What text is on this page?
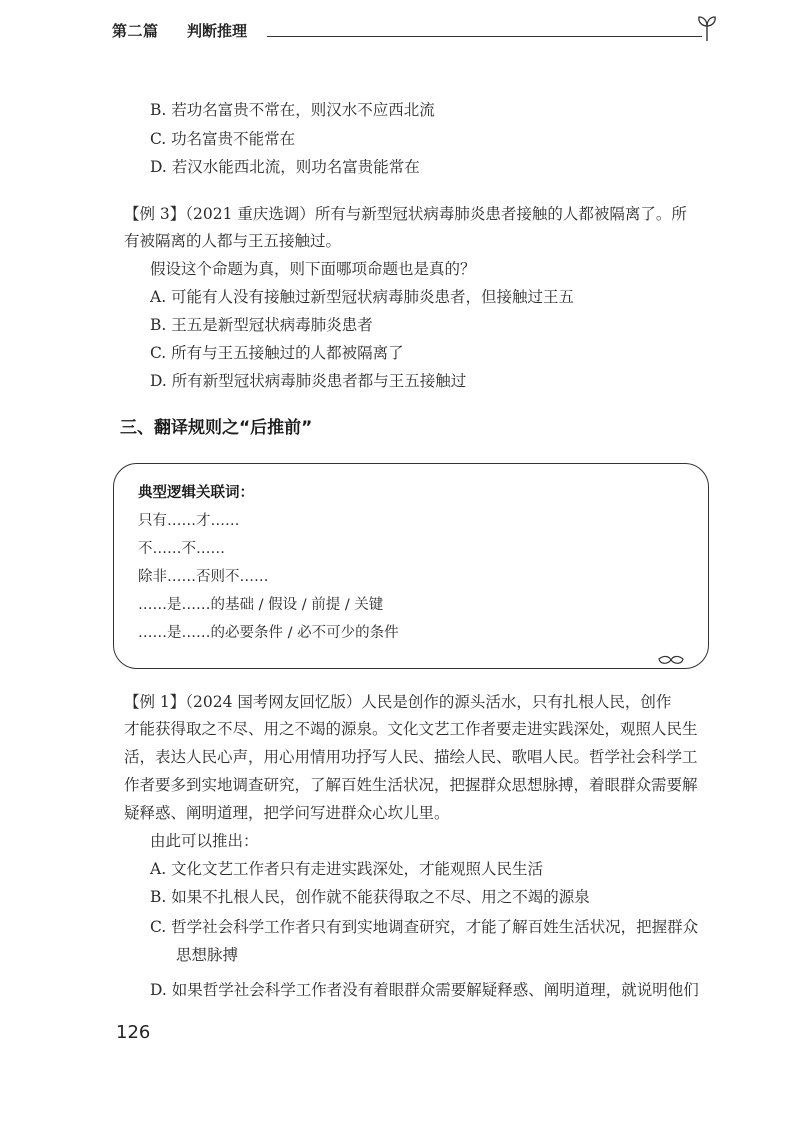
第二篇 判断推理
B. 若功名富贵不常在，则汉水不应西北流
C. 功名富贵不能常在
D. 若汉水能西北流，则功名富贵能常在
【例 3】（2021 重庆选调）所有与新型冠状病毒肺炎患者接触的人都被隔离了。所
有被隔离的人都与王五接触过。
假设这个命题为真，则下面哪项命题也是真的？
A. 可能有人没有接触过新型冠状病毒肺炎患者，但接触过王五
B. 王五是新型冠状病毒肺炎患者
C. 所有与王五接触过的人都被隔离了
D. 所有新型冠状病毒肺炎患者都与王五接触过
三、翻译规则之“后推前”
典型逻辑关联词：
只有……才……
不……不……
除非……否则不……
……是……的基础 / 假设 / 前提 / 关键
……是……的必要条件 / 必不可少的条件
【例 1】（2024 国考网友回忆版）人民是创作的源头活水，只有扎根人民，创作
才能获得取之不尽、用之不竭的源泉。文化文艺工作者要走进实践深处，观照人民生
活，表达人民心声，用心用情用功抒写人民、描绘人民、歌唱人民。哲学社会科学工
作者要多到实地调查研究，了解百姓生活状况，把握群众思想脉搏，着眼群众需要解
疑释惑、阐明道理，把学问写进群众心坎儿里。
由此可以推出：
A. 文化文艺工作者只有走进实践深处，才能观照人民生活
B. 如果不扎根人民，创作就不能获得取之不尽、用之不竭的源泉
C. 哲学社会科学工作者只有到实地调查研究，才能了解百姓生活状况，把握群众
思想脉搏
D. 如果哲学社会科学工作者没有着眼群众需要解疑释惑、阐明道理，就说明他们
126
